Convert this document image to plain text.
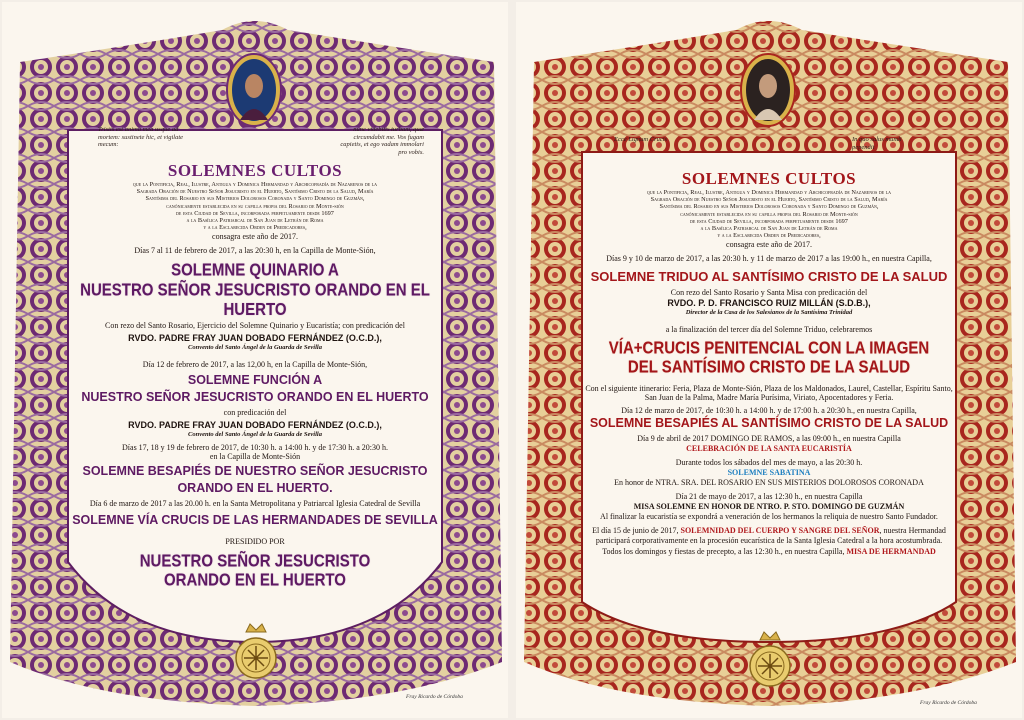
Tristis est anima mea usque ad mortem: sustinete hic, et vigilate mecum:
nunc videbitis turbam, quæ circumdabit me. Vos fugam capietis, et ego vadam immolari pro vobis.
SOLEMNES CULTOS
que la Pontificia, Real, Ilustre, Antigua y Dominica Hermandad y Archicofradía de Nazarenos de la
Sagrada Oración de Nuestro Señor Jesucristo en el Huerto, Santísimo Cristo de la Salud, María
Santísima del Rosario en sus Misterios Dolorosos Coronada y Santo Domingo de Guzmán,
canónicamente establecida en su capilla propia del Rosario de Monte-sión
de esta Ciudad de Sevilla, incorporada perpetuamente desde 1697
a la Basílica Patriarcal de San Juan de Letrán de Roma
y a la Esclarecida Orden de Predicadores,
consagra este año de 2017.
Días 7 al 11 de febrero de 2017, a las 20:30 h, en la Capilla de Monte-Sión,
SOLEMNE QUINARIO A
NUESTRO SEÑOR JESUCRISTO ORANDO EN EL HUERTO
Con rezo del Santo Rosario, Ejercicio del Solemne Quinario y Eucaristía; con predicación del
RVDO. PADRE FRAY JUAN DOBADO FERNÁNDEZ (O.C.D.),
Convento del Santo Ángel de la Guarda de Sevilla
Día 12 de febrero de 2017, a las 12,00 h, en la Capilla de Monte-Sión,
SOLEMNE FUNCIÓN A
NUESTRO SEÑOR JESUCRISTO ORANDO EN EL HUERTO
con predicación del
RVDO. PADRE FRAY JUAN DOBADO FERNÁNDEZ (O.C.D.),
Convento del Santo Ángel de la Guarda de Sevilla
Días 17, 18 y 19 de febrero de 2017, de 10:30 h. a 14:00 h. y de 17:30 h. a 20:30 h.
en la Capilla de Monte-Sión
SOLEMNE BESAPIÉS DE NUESTRO SEÑOR JESUCRISTO
ORANDO EN EL HUERTO.
Día 6 de marzo de 2017 a las 20.00 h. en la Santa Metropolitana y Patriarcal Iglesia Catedral de Sevilla
SOLEMNE VÍA CRUCIS DE LAS HERMANDADES DE SEVILLA
PRESIDIDO POR
NUESTRO SEÑOR JESUCRISTO
ORANDO EN EL HUERTO
Fray Ricardo de Córdoba
Ecce Lignum Crucis	In quo salus mundi pependit
SOLEMNES CULTOS
que la Pontificia, Real, Ilustre, Antigua y Dominica Hermandad y Archicofradía de Nazarenos de la
Sagrada Oración de Nuestro Señor Jesucristo en el Huerto, Santísimo Cristo de la Salud, María
Santísima del Rosario en sus Misterios Dolorosos Coronada y Santo Domingo de Guzmán,
canónicamente establecida en su capilla propia del Rosario de Monte-sión
de esta Ciudad de Sevilla, incorporada perpetuamente desde 1697
a la Basílica Patriarcal de San Juan de Letrán de Roma
y a la Esclarecida Orden de Predicadores,
consagra este año de 2017.
Días 9 y 10 de marzo de 2017, a las 20:30 h. y 11 de marzo de 2017 a las 19:00 h., en nuestra Capilla,
SOLEMNE TRIDUO AL SANTÍSIMO CRISTO DE LA SALUD
Con rezo del Santo Rosario y Santa Misa con predicación del
RVDO. P. D. FRANCISCO RUIZ MILLÁN (S.D.B.),
Director de la Casa de los Salesianos de la Santísima Trinidad
a la finalización del tercer día del Solemne Triduo, celebraremos
VÍA+CRUCIS PENITENCIAL CON LA IMAGEN
DEL SANTÍSIMO CRISTO DE LA SALUD
Con el siguiente itinerario: Feria, Plaza de Monte-Sión, Plaza de los Maldonados, Laurel, Castellar, Espíritu Santo, San Juan de la Palma, Madre María Purísima, Viriato, Apocentadores y Feria.
Día 12 de marzo de 2017, de 10:30 h. a 14:00 h. y de 17:00 h. a 20:30 h., en nuestra Capilla,
SOLEMNE BESAPIÉS AL SANTÍSIMO CRISTO DE LA SALUD
Día 9 de abril de 2017 DOMINGO DE RAMOS, a las 09:00 h., en nuestra Capilla
CELEBRACIÓN DE LA SANTA EUCARISTÍA
Durante todos los sábados del mes de mayo, a las 20:30 h.
SOLEMNE SABATINA
En honor de NTRA. SRA. DEL ROSARIO EN SUS MISTERIOS DOLOROSOS CORONADA
Día 21 de mayo de 2017, a las 12:30 h., en nuestra Capilla
MISA SOLEMNE EN HONOR DE NTRO. P. STO. DOMINGO DE GUZMÁN
Al finalizar la eucaristía se expondrá a veneración de los hermanos la reliquia de nuestro Santo Fundador.
El día 15 de junio de 2017, SOLEMNIDAD DEL CUERPO Y SANGRE DEL SEÑOR, nuestra Hermandad participará corporativamente en la procesión eucarística de la Santa Iglesia Catedral a la hora acostumbrada.
Todos los domingos y fiestas de precepto, a las 12:30 h., en nuestra Capilla, MISA DE HERMANDAD
Fray Ricardo de Córdoba
